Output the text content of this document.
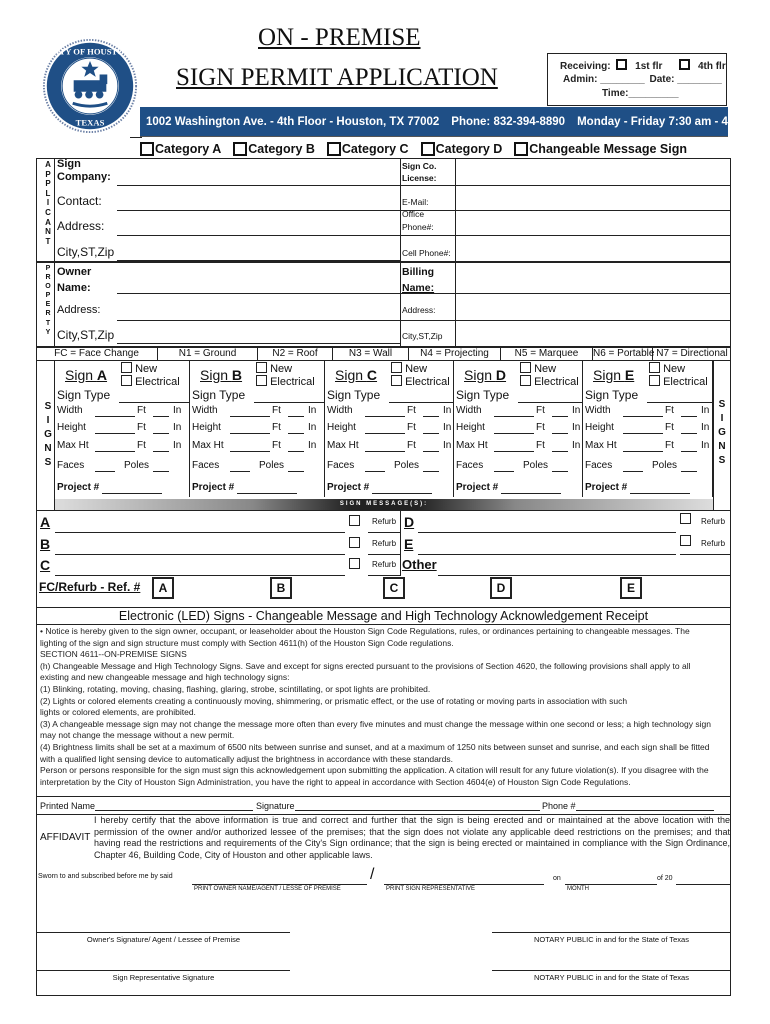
CITY OF HOUSTON
TEXAS
ON - PREMISE
SIGN PERMIT APPLICATION	Receiving: 1st flr	4th flr
Admin: ________ Date: ________
Time:_________
1002 Washington Ave. - 4th Floor - Houston, TX 77002 Phone: 832-394-8890 Monday - Friday 7:30 am - 4:00 pm
Category A Category B Category C Category D Changeable Message Sign
A
P
P
L
I
C
A
N
T
Sign
Company:
Contact:
Address:
City,ST,Zip
Sign Co.
License:
E-Mail:
Office
Phone#:
Cell Phone#:
P
R
O
P
E
R
T
Y
Owner
Name:
Address:
City,ST,Zip
Billing
Name:
Address:
City,ST,Zip
FC = Face Change	N1 = Ground	N2 = Roof	N3 = Wall	N4 = Projecting	N5 = Marquee	N6 = Portable N7 = Directional
S
I
G
N
S
S
I
G
N
S
Sign A	New
Electrical
Sign Type
Width	Ft	In
Height	Ft	In
Max Ht	Ft	In
Faces	Poles
Project #
Sign B	New
Electrical
Sign Type
Width	Ft	In
Height	Ft	In
Max Ht	Ft	In
Faces	Poles
Project #
Sign C	New
Electrical
Sign Type
Width	Ft	In
Height	Ft	In
Max Ht	Ft	In
Faces	Poles
Project #
Sign D	New
Electrical
Sign Type
Width	Ft	In
Height	Ft	In
Max Ht	Ft	In
Faces	Poles
Project #
Sign E	New
Electrical
Sign Type
Width	Ft	In
Height	Ft	In
Max Ht	Ft	In
Faces	Poles
Project #
SIGN MESSAGE(S):
A	Refurb
B	Refurb
C	Refurb
D	Refurb
E	Refurb
Other
FC/Refurb - Ref. #	A	B	C	D	E
Electronic (LED) Signs - Changeable Message and High Technology Acknowledgement Receipt

• Notice is hereby given to the sign owner, occupant, or leaseholder about the Houston Sign Code Regulations, rules, or ordinances pertaining to changeable messages. The

lighting of the sign and sign structure must comply with Section 4611(h) of the Houston Sign Code regulations.

SECTION 4611--ON-PREMISE SIGNS

(h) Changeable Message and High Technology Signs. Save and except for signs erected pursuant to the provisions of Section 4620, the following provisions shall apply to all

existing and new changeable message and high technology signs:

(1) Blinking, rotating, moving, chasing, flashing, glaring, strobe, scintillating, or spot lights are prohibited.

(2) Lights or colored elements creating a continuously moving, shimmering, or prismatic effect, or the use of rotating or moving parts in association with such

lights or colored elements, are prohibited.

(3) A changeable message sign may not change the message more often than every five minutes and must change the message within one second or less; a high technology sign

may not change the message without a new permit.

(4) Brightness limits shall be set at a maximum of 6500 nits between sunrise and sunset, and at a maximum of 1250 nits between sunset and sunrise, and each sign shall be fitted

with a qualified light sensing device to automatically adjust the brightness in accordance with these standards.

Person or persons responsible for the sign must sign this acknowledgement upon submitting the application. A citation will result for any future violation(s). If you disagree with the

interpretation by the City of Houston Sign Administration, you have the right to appeal in accordance with Section 4604(e) of Houston Sign Code Regulations.

Printed Name	Signature	Phone #
AFFIDAVIT
I hereby certify that the above information is true and correct and further that the sign is being erected and or maintained at the above location with the permission of the owner and/or authorized lessee of the premises; that the sign does not violate any applicable deed restrictions on the premises; and that having read the restrictions and requirements of the City's Sign ordinance; that the sign is being erected or maintained in compliance with the Sign Ordinance, Chapter 46, Building Code, City of Houston and other applicable laws.
Sworn to and subscribed before me by said
PRINT OWNER NAME/AGENT / LESSE OF PREMISE
/
PRINT SIGN REPRESENTATIVE
on
MONTH
of 20
Owner's Signature/ Agent / Lessee of Premise	NOTARY PUBLIC in and for the State of Texas
Sign Representative Signature	NOTARY PUBLIC in and for the State of Texas
